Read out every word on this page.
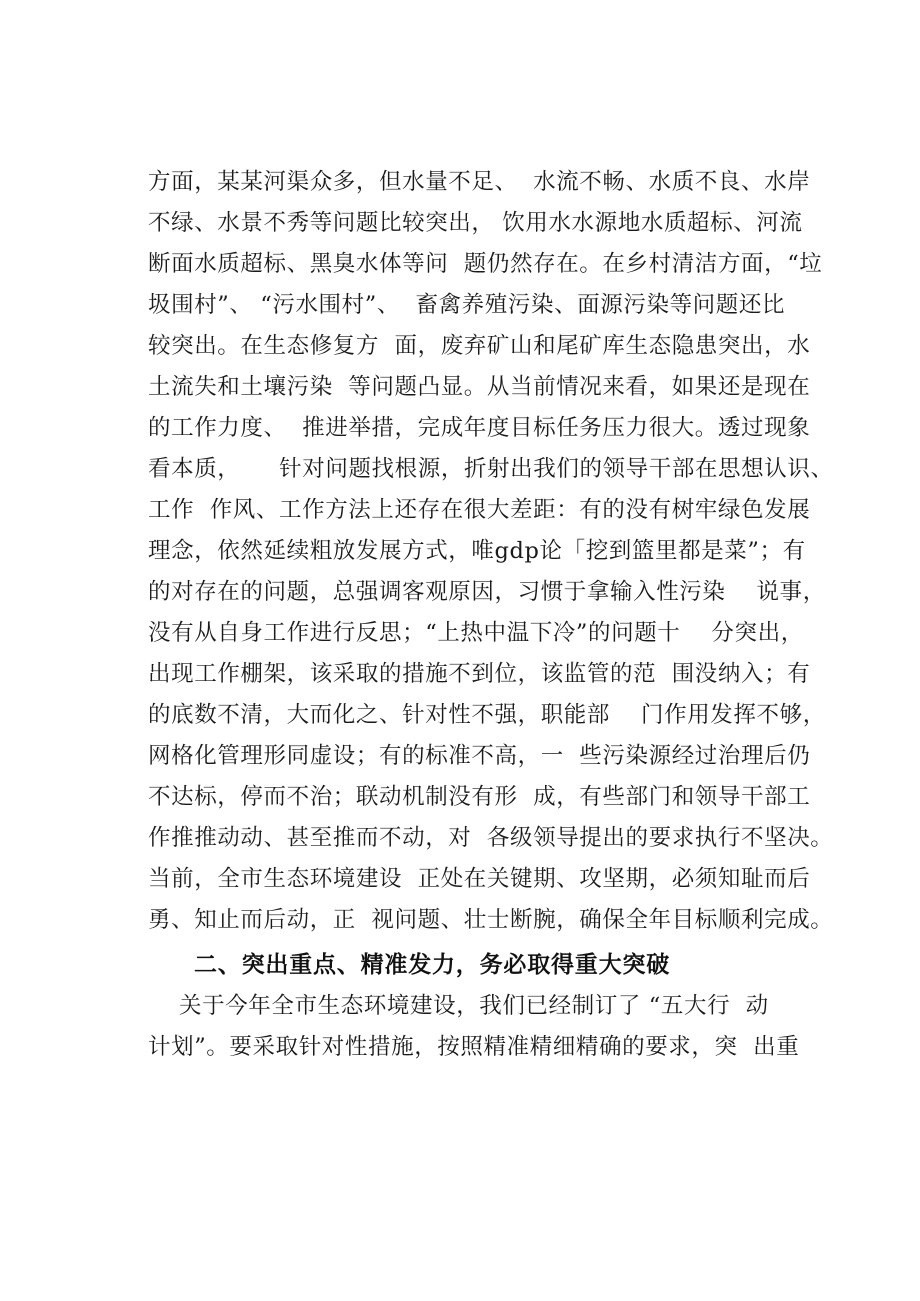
方面，某某河渠众多，但水量不足、  水流不畅、水质不良、水岸

不绿、水景不秀等问题比较突出， 饮用水水源地水质超标、河流

断面水质超标、黑臭水体等问  题仍然存在。在乡村清洁方面，“垃

圾围村”、 “污水围村”、  畜禽养殖污染、面源污染等问题还比

较突出。在生态修复方  面，废弃矿山和尾矿库生态隐患突出，水

土流失和土壤污染  等问题凸显。从当前情况来看，如果还是现在

的工作力度、  推进举措，完成年度目标任务压力很大。透过现象

看本质，     针对问题找根源，折射出我们的领导干部在思想认识、

工作  作风、工作方法上还存在很大差距：有的没有树牢绿色发展

理念，依然延续粗放发展方式，唯gdp论「挖到篮里都是菜”；有

的对存在的问题，总强调客观原因，习惯于拿输入性污染    说事，

没有从自身工作进行反思；“上热中温下冷”的问题十    分突出，

出现工作棚架，该采取的措施不到位，该监管的范  围没纳入；有

的底数不清，大而化之、针对性不强，职能部    门作用发挥不够，

网格化管理形同虚设；有的标准不高，一  些污染源经过治理后仍

不达标，停而不治；联动机制没有形  成，有些部门和领导干部工

作推推动动、甚至推而不动，对  各级领导提出的要求执行不坚决。

当前，全市生态环境建设  正处在关键期、攻坚期，必须知耻而后

勇、知止而后动，正  视问题、壮士断腕，确保全年目标顺利完成。

二、突出重点、精准发力，务必取得重大突破

关于今年全市生态环境建设，我们已经制订了 “五大行  动

计划”。要采取针对性措施，按照精准精细精确的要求，突  出重
